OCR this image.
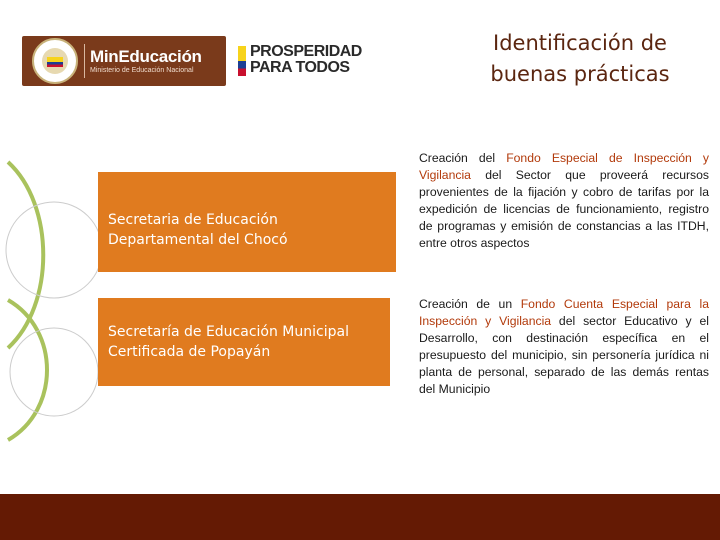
MinEducación
Ministerio de Educación Nacional
PROSPERIDAD
PARA TODOS
Identificación de
buenas prácticas
Secretaria de Educación
Departamental del Chocó
Secretaría de Educación Municipal
Certificada de Popayán
Creación del Fondo Especial de Inspección y Vigilancia del Sector que proveerá recursos provenientes de la fijación y cobro de tarifas por la expedición de licencias de funcionamiento, registro de programas y emisión de constancias a las ITDH, entre otros aspectos
Creación de un Fondo Cuenta Especial para la Inspección y Vigilancia del sector Educativo y el Desarrollo, con destinación específica en el presupuesto del municipio, sin personería jurídica ni planta de personal, separado de las demás rentas del Municipio
